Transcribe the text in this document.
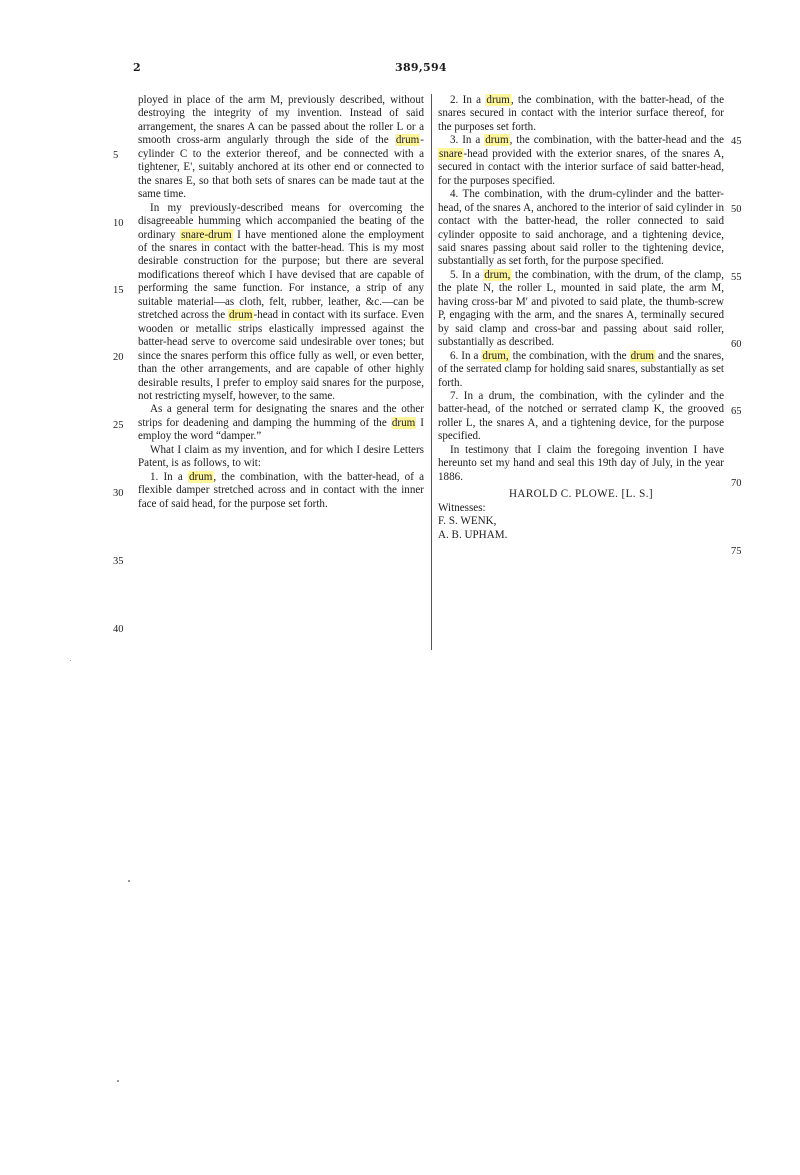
2	389,594
5
10
15
20
25
30
35
40
45
50
55
60
65
70
75

ployed in place of the arm M, previously described, without destroying the integrity of my invention. Instead of said arrangement, the snares A can be passed about the roller L or a smooth cross-arm angularly through the side of the drum-cylinder C to the exterior thereof, and be connected with a tightener, E', suitably anchored at its other end or connected to the snares E, so that both sets of snares can be made taut at the same time.

In my previously-described means for overcoming the disagreeable humming which accompanied the beating of the ordinary snare-drum I have mentioned alone the employment of the snares in contact with the batter-head. This is my most desirable construction for the purpose; but there are several modifications thereof which I have devised that are capable of performing the same function. For instance, a strip of any suitable material—as cloth, felt, rubber, leather, &c.—can be stretched across the drum-head in contact with its surface. Even wooden or metallic strips elastically impressed against the batter-head serve to overcome said undesirable over tones; but since the snares perform this office fully as well, or even better, than the other arrangements, and are capable of other highly desirable results, I prefer to employ said snares for the purpose, not restricting myself, however, to the same.

As a general term for designating the snares and the other strips for deadening and damping the humming of the drum I employ the word “damper.”

What I claim as my invention, and for which I desire Letters Patent, is as follows, to wit:

1. In a drum, the combination, with the batter-head, of a flexible damper stretched across and in contact with the inner face of said head, for the purpose set forth.

2. In a drum, the combination, with the batter-head, of the snares secured in contact with the interior surface thereof, for the purposes set forth.

3. In a drum, the combination, with the batter-head and the snare-head provided with the exterior snares, of the snares A, secured in contact with the interior surface of said batter-head, for the purposes specified.

4. The combination, with the drum-cylinder and the batter-head, of the snares A, anchored to the interior of said cylinder in contact with the batter-head, the roller connected to said cylinder opposite to said anchorage, and a tightening device, said snares passing about said roller to the tightening device, substantially as set forth, for the purpose specified.

5. In a drum, the combination, with the drum, of the clamp, the plate N, the roller L, mounted in said plate, the arm M, having cross-bar M' and pivoted to said plate, the thumb-screw P, engaging with the arm, and the snares A, terminally secured by said clamp and cross-bar and passing about said roller, substantially as described.

6. In a drum, the combination, with the drum and the snares, of the serrated clamp for holding said snares, substantially as set forth.

7. In a drum, the combination, with the cylinder and the batter-head, of the notched or serrated clamp K, the grooved roller L, the snares A, and a tightening device, for the purpose specified.

In testimony that I claim the foregoing invention I have hereunto set my hand and seal this 19th day of July, in the year 1886.

HAROLD C. PLOWE. [L. S.]

Witnesses:

F. S. WENK,

A. B. UPHAM.
